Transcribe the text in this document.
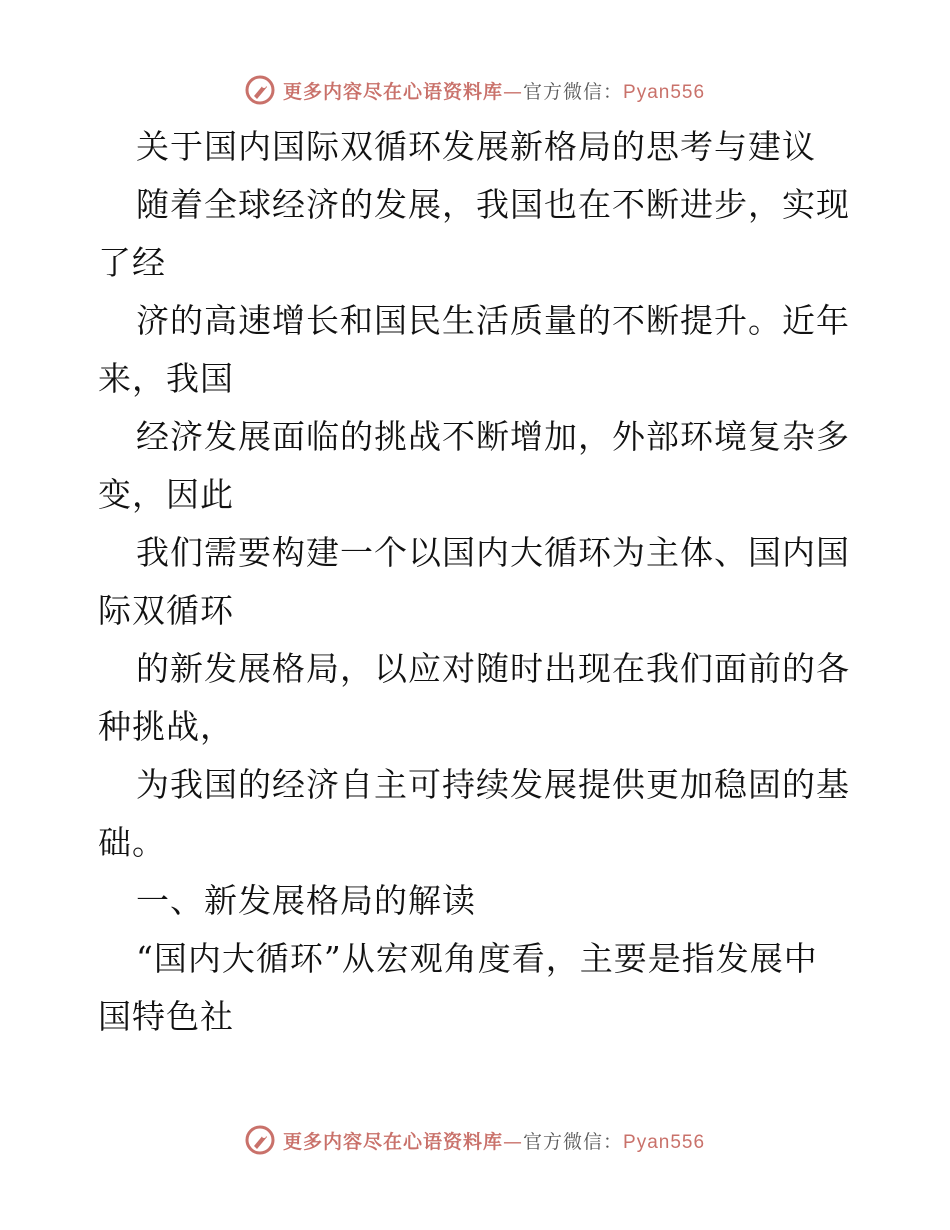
更多内容尽在心语资料库—官方微信：Pyan556
关于国内国际双循环发展新格局的思考与建议
随着全球经济的发展，我国也在不断进步，实现
了经
济的高速增长和国民生活质量的不断提升。近年
来，我国
经济发展面临的挑战不断增加，外部环境复杂多
变，因此
我们需要构建一个以国内大循环为主体、国内国
际双循环
的新发展格局，以应对随时出现在我们面前的各
种挑战，
为我国的经济自主可持续发展提供更加稳固的基
础。
一、新发展格局的解读
“国内大循环”从宏观角度看，主要是指发展中
国特色社
更多内容尽在心语资料库—官方微信：Pyan556
